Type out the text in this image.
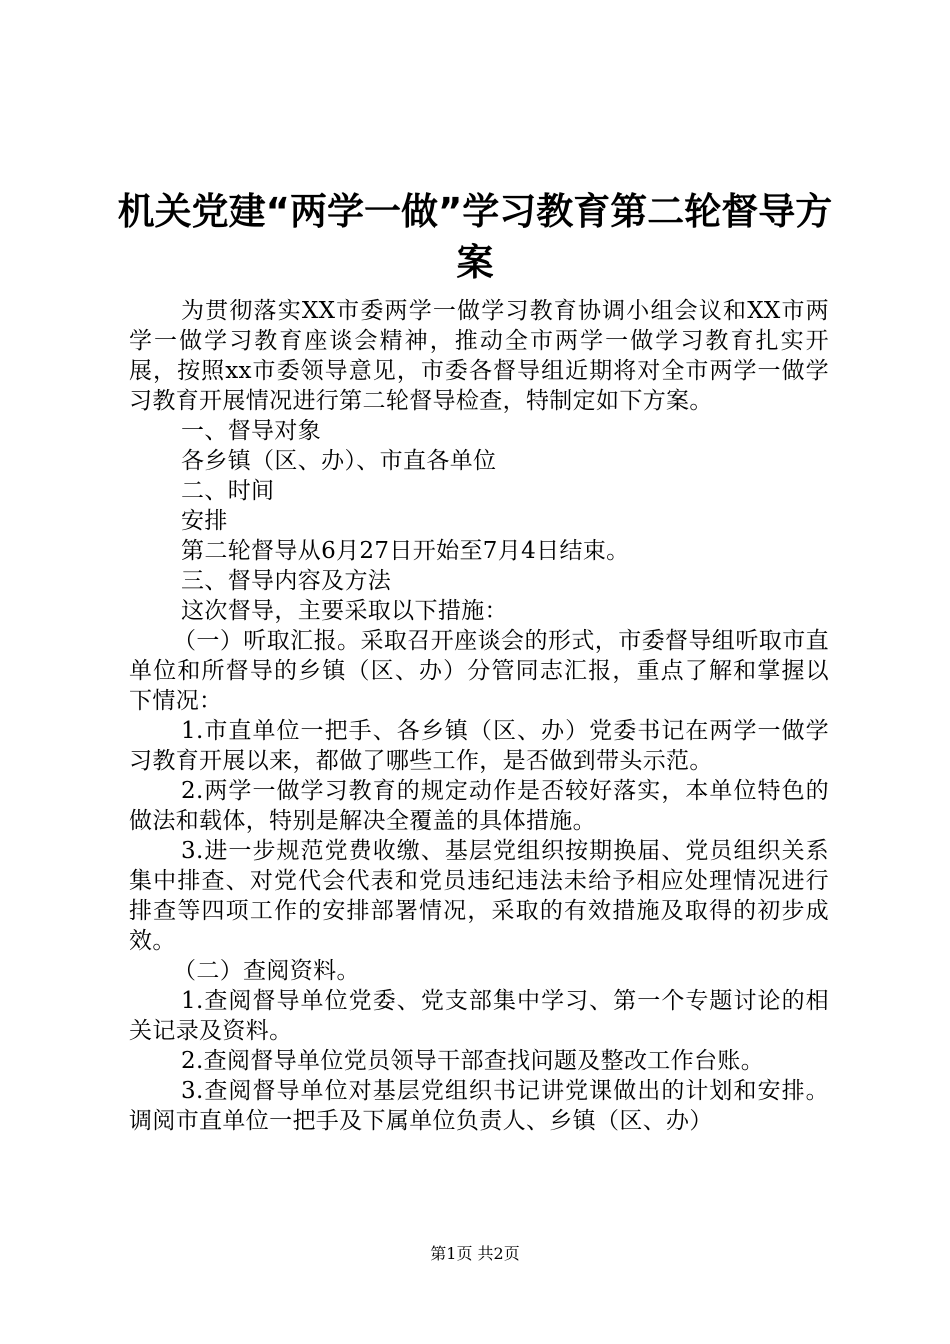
机关党建“两学一做”学习教育第二轮督导方
案

为贯彻落实XX市委两学一做学习教育协调小组会议和XX市两学一做学习教育座谈会精神，推动全市两学一做学习教育扎实开展，按照xx市委领导意见，市委各督导组近期将对全市两学一做学习教育开展情况进行第二轮督导检查，特制定如下方案。

一、督导对象

各乡镇（区、办）、市直各单位

二、时间

安排

第二轮督导从6月27日开始至7月4日结束。

三、督导内容及方法

这次督导，主要采取以下措施：

（一）听取汇报。采取召开座谈会的形式，市委督导组听取市直单位和所督导的乡镇（区、办）分管同志汇报，重点了解和掌握以下情况：

1.市直单位一把手、各乡镇（区、办）党委书记在两学一做学习教育开展以来，都做了哪些工作，是否做到带头示范。

2.两学一做学习教育的规定动作是否较好落实，本单位特色的做法和载体，特别是解决全覆盖的具体措施。

3.进一步规范党费收缴、基层党组织按期换届、党员组织关系集中排查、对党代会代表和党员违纪违法未给予相应处理情况进行排查等四项工作的安排部署情况，采取的有效措施及取得的初步成效。

（二）查阅资料。

1.查阅督导单位党委、党支部集中学习、第一个专题讨论的相关记录及资料。

2.查阅督导单位党员领导干部查找问题及整改工作台账。

3.查阅督导单位对基层党组织书记讲党课做出的计划和安排。调阅市直单位一把手及下属单位负责人、乡镇（区、办）

第1页 共2页
